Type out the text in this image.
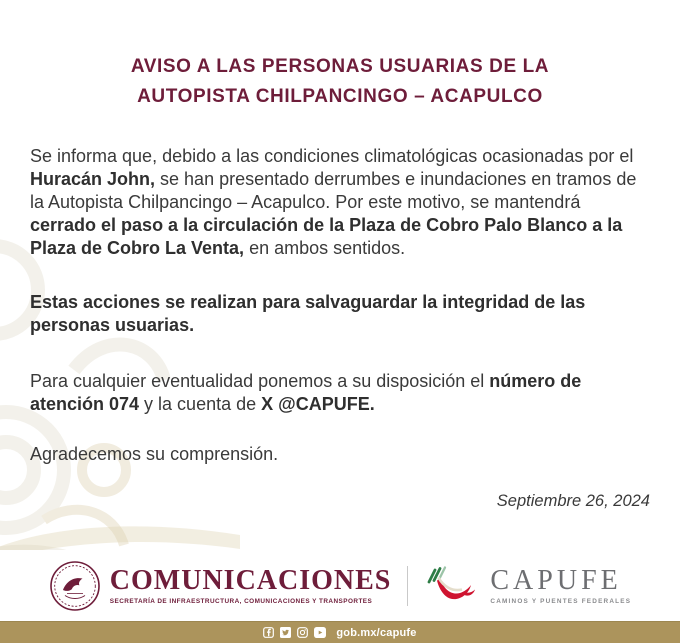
AVISO A LAS PERSONAS USUARIAS DE LA
AUTOPISTA CHILPANCINGO – ACAPULCO

Se informa que, debido a las condiciones climatológicas ocasionadas por el Huracán John, se han presentado derrumbes e inundaciones en tramos de la Autopista Chilpancingo – Acapulco. Por este motivo, se mantendrá cerrado el paso a la circulación de la Plaza de Cobro Palo Blanco a la Plaza de Cobro La Venta, en ambos sentidos.

Estas acciones se realizan para salvaguardar la integridad de las personas usuarias.

Para cualquier eventualidad ponemos a su disposición el número de atención 074 y la cuenta de X @CAPUFE.

Agradecemos su comprensión.

Septiembre 26, 2024
COMUNICACIONES
SECRETARÍA DE INFRAESTRUCTURA, COMUNICACIONES Y TRANSPORTES
CAPUFE
CAMINOS Y PUENTES FEDERALES
gob.mx/capufe
